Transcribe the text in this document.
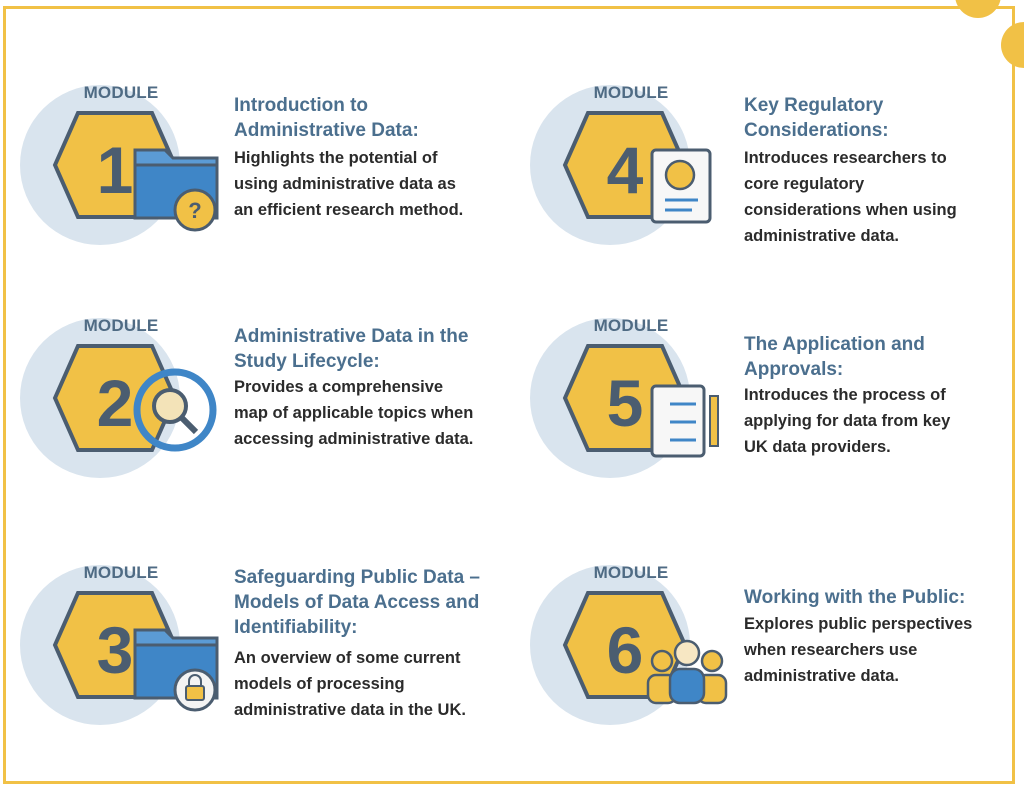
?
MODULE
1
Introduction to
Administrative Data:
Highlights the potential of
using administrative data as
an efficient research method.
MODULE
2
Administrative Data in the
Study Lifecycle:
Provides a comprehensive
map of applicable topics when
accessing administrative data.
MODULE
3
Safeguarding Public Data –
Models of Data Access and
Identifiability:
An overview of some current
models of processing
administrative data in the UK.
MODULE
4
Key Regulatory
Considerations:
Introduces researchers to
core regulatory
considerations when using
administrative data.
MODULE
5
The Application and
Approvals:
Introduces the process of
applying for data from key
UK data providers.
MODULE
6
Working with the Public:
Explores public perspectives
when researchers use
administrative data.
